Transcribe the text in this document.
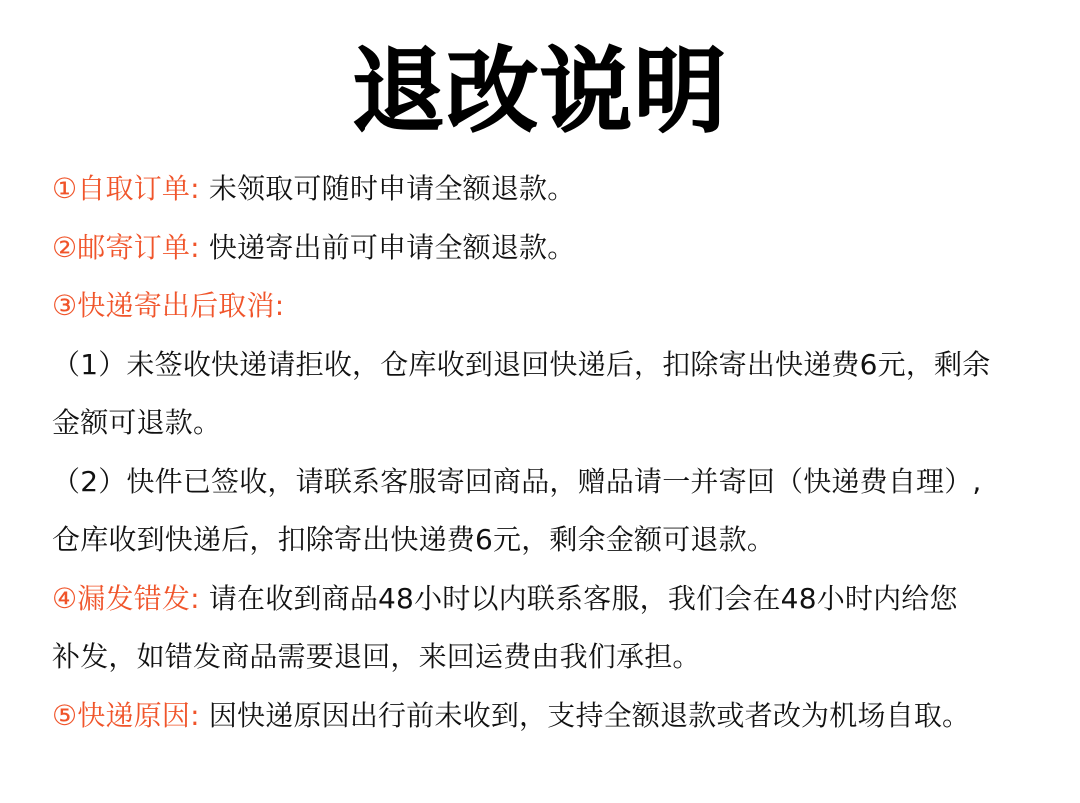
退改说明
①自取订单: 未领取可随时申请全额退款。
②邮寄订单: 快递寄出前可申请全额退款。
③快递寄出后取消:
（1）未签收快递请拒收，仓库收到退回快递后，扣除寄出快递费6元，剩余
金额可退款。
（2）快件已签收，请联系客服寄回商品，赠品请一并寄回（快递费自理）,
仓库收到快递后，扣除寄出快递费6元，剩余金额可退款。
④漏发错发: 请在收到商品48小时以内联系客服，我们会在48小时内给您
补发，如错发商品需要退回，来回运费由我们承担。
⑤快递原因: 因快递原因出行前未收到，支持全额退款或者改为机场自取。
